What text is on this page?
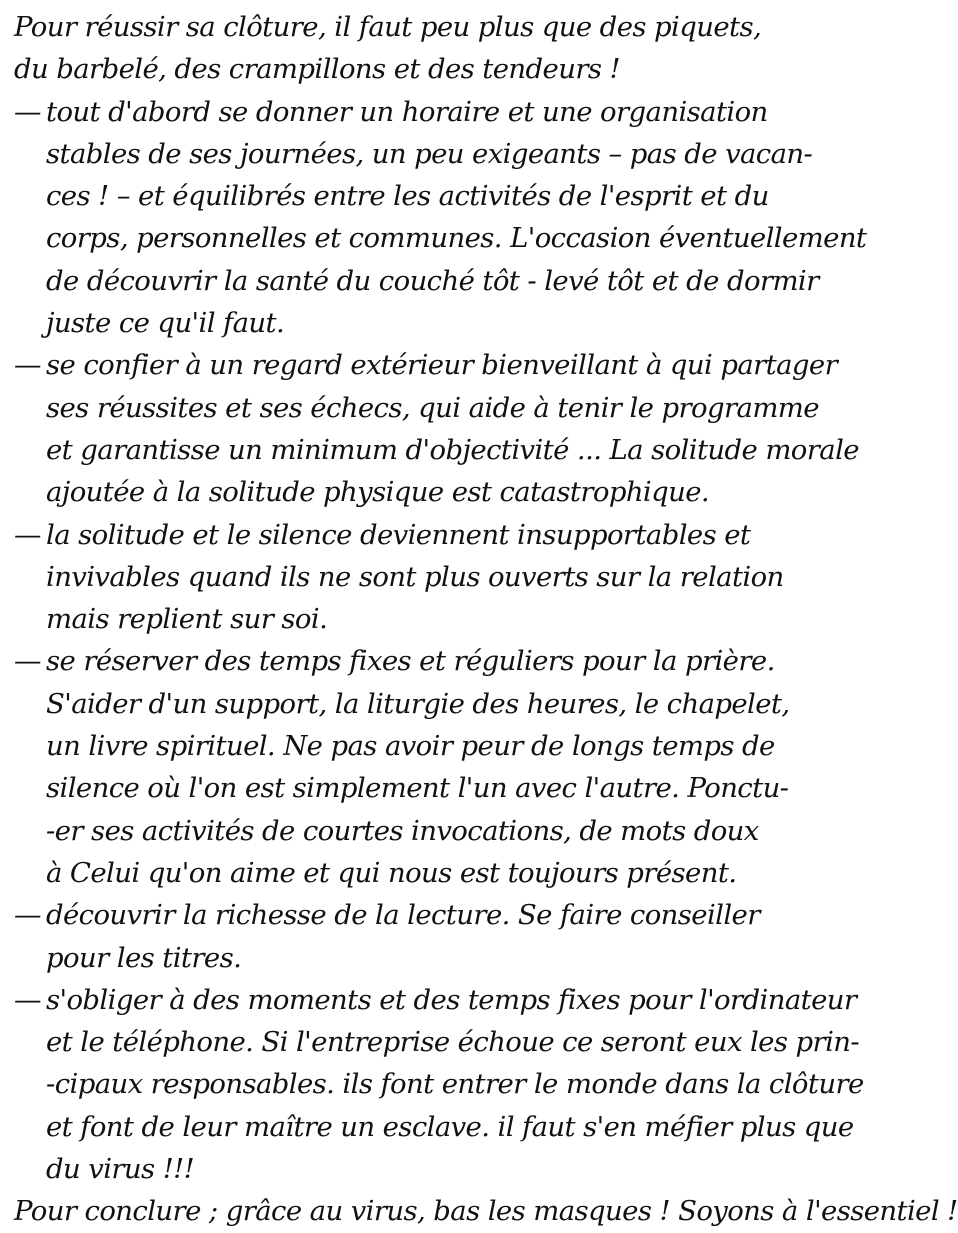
Pour réussir sa clôture, il faut peu plus que des piquets,
du barbelé, des crampillons et des tendeurs !
— tout d'abord se donner un horaire et une organisation
stables de ses journées, un peu exigeants – pas de vacan-
ces ! – et équilibrés entre les activités de l'esprit et du
corps, personnelles et communes. L'occasion éventuellement
de découvrir la santé du couché tôt - levé tôt et de dormir
juste ce qu'il faut.
— se confier à un regard extérieur bienveillant à qui partager
ses réussites et ses échecs, qui aide à tenir le programme
et garantisse un minimum d'objectivité ... La solitude morale
ajoutée à la solitude physique est catastrophique.
— la solitude et le silence deviennent insupportables et
invivables quand ils ne sont plus ouverts sur la relation
mais replient sur soi.
— se réserver des temps fixes et réguliers pour la prière.
S'aider d'un support, la liturgie des heures, le chapelet,
un livre spirituel. Ne pas avoir peur de longs temps de
silence où l'on est simplement l'un avec l'autre. Ponctu-
-er ses activités de courtes invocations, de mots doux
à Celui qu'on aime et qui nous est toujours présent.
— découvrir la richesse de la lecture. Se faire conseiller
pour les titres.
— s'obliger à des moments et des temps fixes pour l'ordinateur
et le téléphone. Si l'entreprise échoue ce seront eux les prin-
-cipaux responsables. ils font entrer le monde dans la clôture
et font de leur maître un esclave. il faut s'en méfier plus que
du virus !!!
Pour conclure ; grâce au virus, bas les masques ! Soyons à l'essentiel !
